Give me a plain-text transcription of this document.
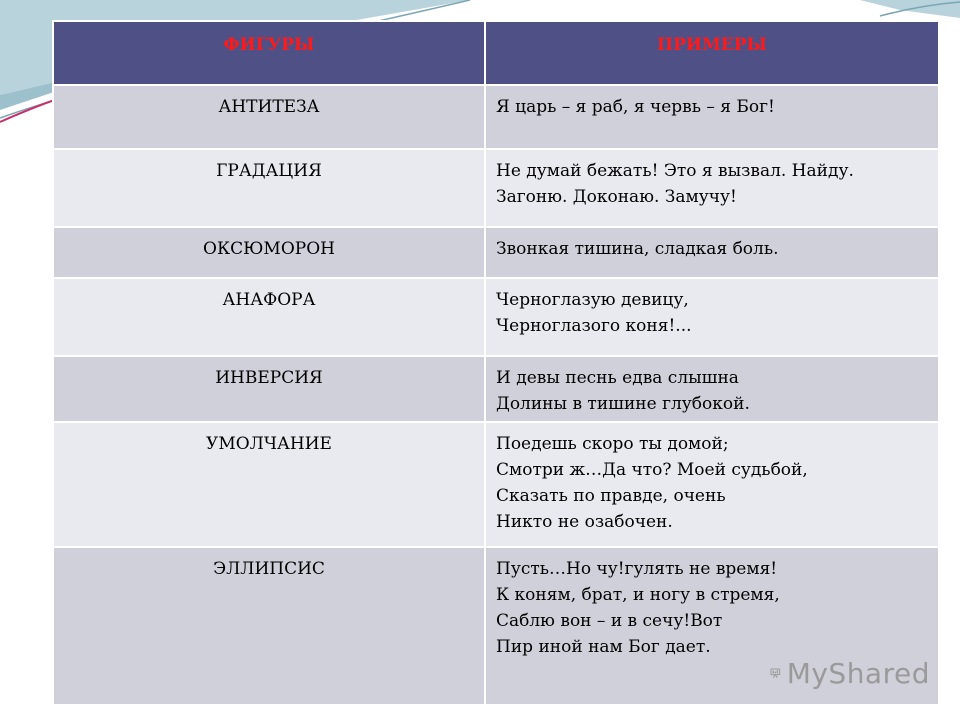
ФИГУРЫ	ПРИМЕРЫ
АНТИТЕЗА	Я царь – я раб, я червь – я Бог!

ГРАДАЦИЯ	Не думай бежать! Это я вызвал. Найду.
Загоню. Доконаю. Замучу!

ОКСЮМОРОН	Звонкая тишина, сладкая боль.

АНАФОРА	Черноглазую девицу,
Черноглазого коня!...

ИНВЕРСИЯ	И девы песнь едва слышна
Долины в тишине глубокой.

УМОЛЧАНИЕ	Поедешь скоро ты домой;
Смотри ж…Да что? Моей судьбой,
Сказать по правде, очень
Никто не озабочен.

ЭЛЛИПСИС	Пусть…Но чу!гулять не время!
К коням, брат, и ногу в стремя,
Саблю вон – и в сечу!Вот
Пир иной нам Бог дает.
MyShared
